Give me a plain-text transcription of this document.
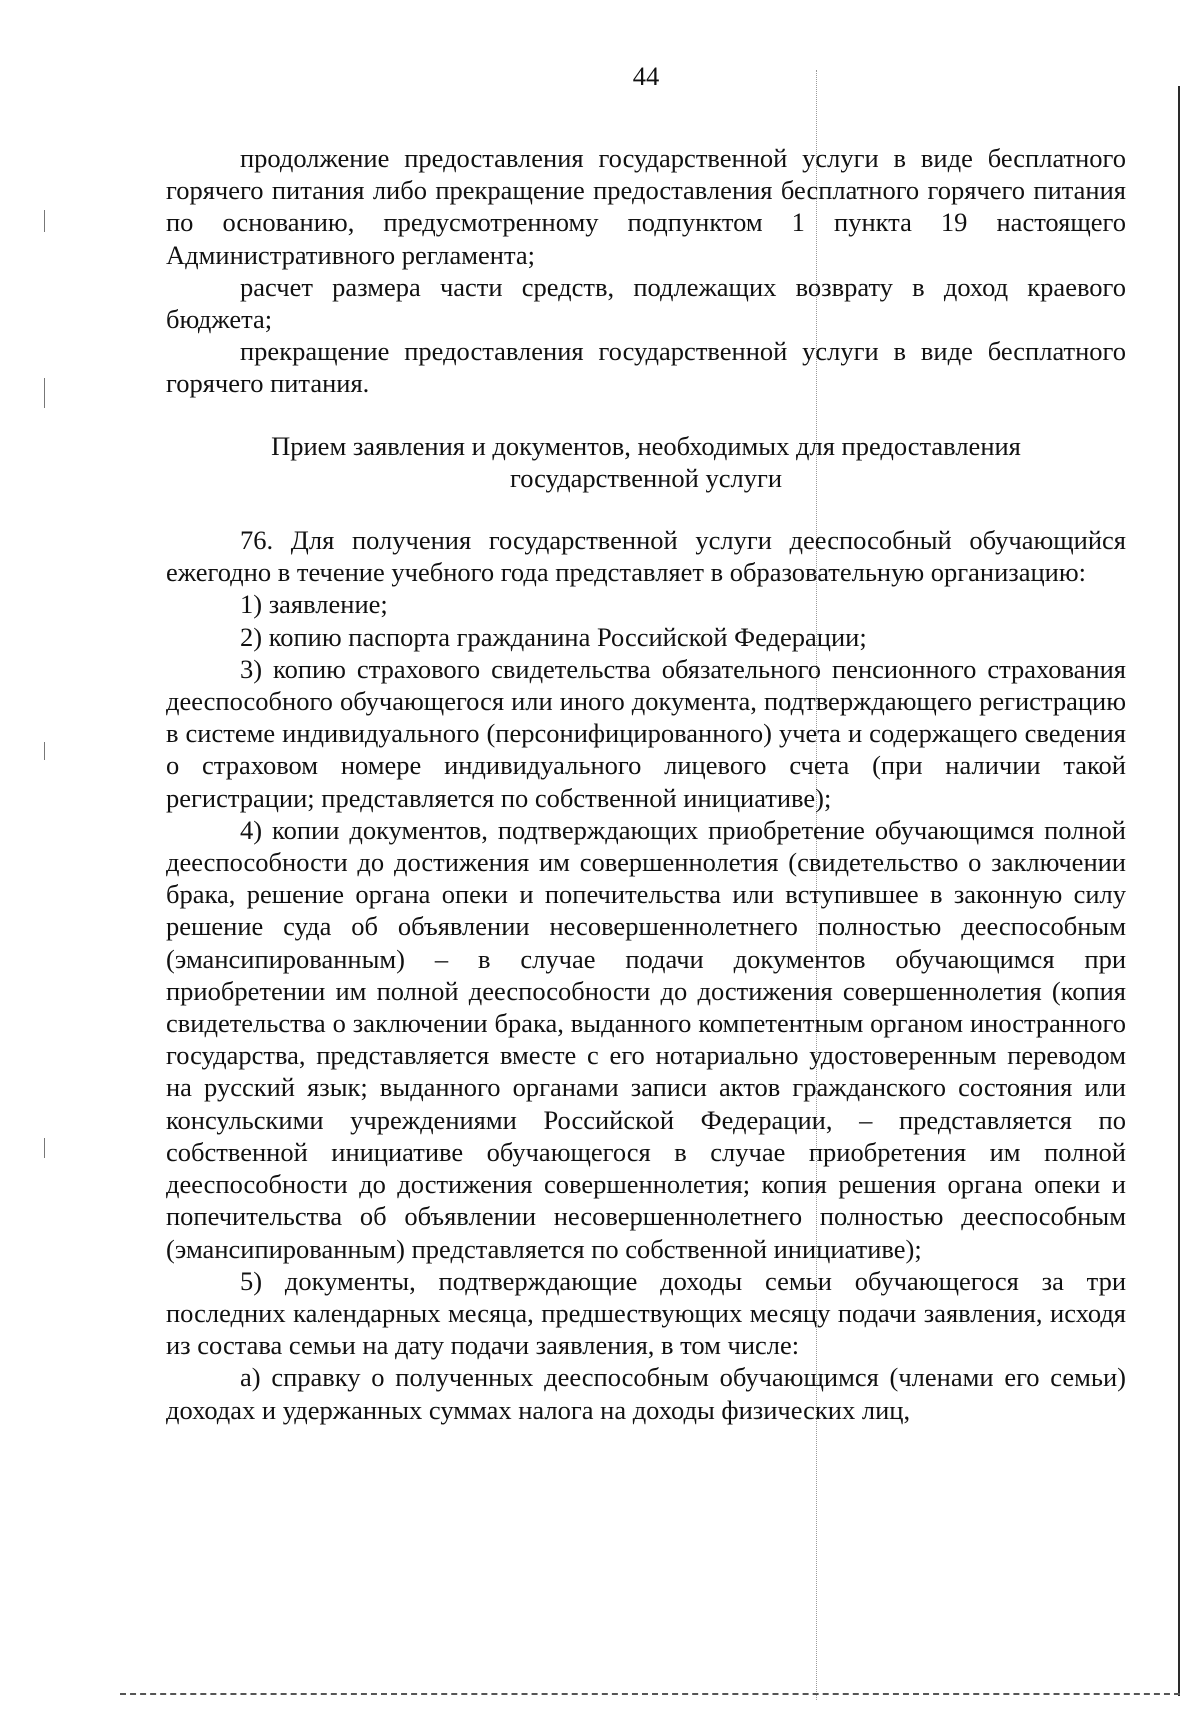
44

продолжение предоставления государственной услуги в виде бесплатного горячего питания либо прекращение предоставления бесплатного горячего питания по основанию, предусмотренному подпунктом 1 пункта 19 настоящего Административного регламента;

расчет размера части средств, подлежащих возврату в доход краевого бюджета;

прекращение предоставления государственной услуги в виде бесплатного горячего питания.

Прием заявления и документов, необходимых для предоставления государственной услуги

76. Для получения государственной услуги дееспособный обучающийся ежегодно в течение учебного года представляет в образовательную организацию:

1) заявление;

2) копию паспорта гражданина Российской Федерации;

3) копию страхового свидетельства обязательного пенсионного страхования дееспособного обучающегося или иного документа, подтверждающего регистрацию в системе индивидуального (персонифицированного) учета и содержащего сведения о страховом номере индивидуального лицевого счета (при наличии такой регистрации; представляется по собственной инициативе);

4) копии документов, подтверждающих приобретение обучающимся полной дееспособности до достижения им совершеннолетия (свидетельство о заключении брака, решение органа опеки и попечительства или вступившее в законную силу решение суда об объявлении несовершеннолетнего полностью дееспособным (эмансипированным) – в случае подачи документов обучающимся при приобретении им полной дееспособности до достижения совершеннолетия (копия свидетельства о заключении брака, выданного компетентным органом иностранного государства, представляется вместе с его нотариально удостоверенным переводом на русский язык; выданного органами записи актов гражданского состояния или консульскими учреждениями Российской Федерации, – представляется по собственной инициативе обучающегося в случае приобретения им полной дееспособности до достижения совершеннолетия; копия решения органа опеки и попечительства об объявлении несовершеннолетнего полностью дееспособным (эмансипированным) представляется по собственной инициативе);

5) документы, подтверждающие доходы семьи обучающегося за три последних календарных месяца, предшествующих месяцу подачи заявления, исходя из состава семьи на дату подачи заявления, в том числе:

а) справку о полученных дееспособным обучающимся (членами его семьи) доходах и удержанных суммах налога на доходы физических лиц,
